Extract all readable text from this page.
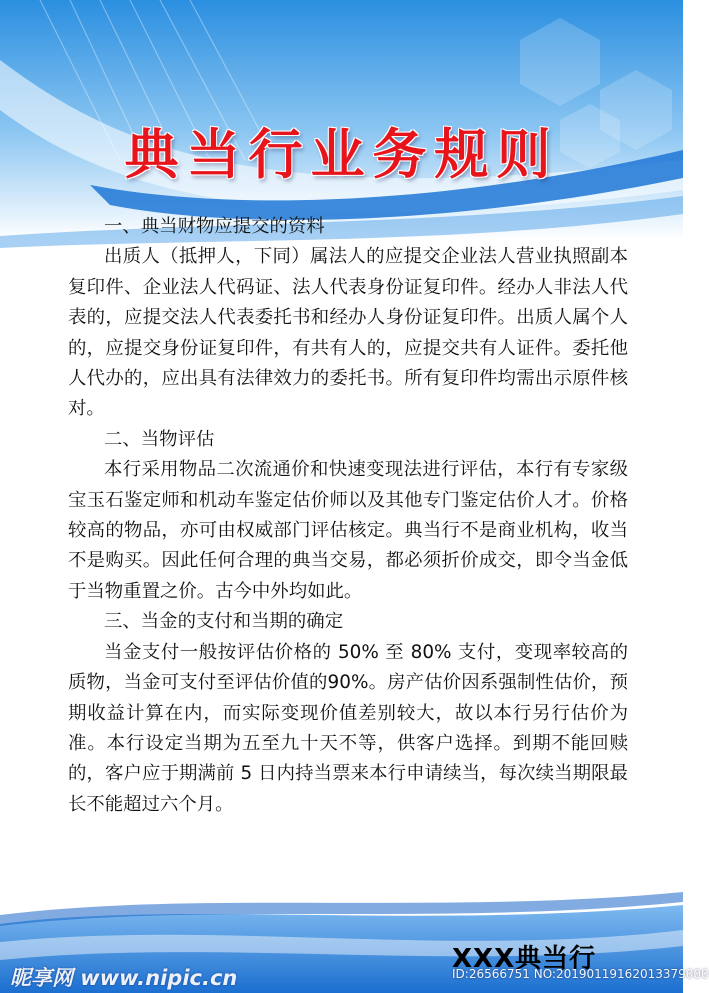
典当行业务规则

一、典当财物应提交的资料

出质人（抵押人，下同）属法人的应提交企业法人营业执照副本复印件、企业法人代码证、法人代表身份证复印件。经办人非法人代表的，应提交法人代表委托书和经办人身份证复印件。出质人属个人的，应提交身份证复印件，有共有人的，应提交共有人证件。委托他人代办的，应出具有法律效力的委托书。所有复印件均需出示原件核对。

二、当物评估

本行采用物品二次流通价和快速变现法进行评估，本行有专家级宝玉石鉴定师和机动车鉴定估价师以及其他专门鉴定估价人才。价格较高的物品，亦可由权威部门评估核定。典当行不是商业机构，收当不是购买。因此任何合理的典当交易，都必须折价成交，即令当金低于当物重置之价。古今中外均如此。

三、当金的支付和当期的确定

当金支付一般按评估价格的 50% 至 80% 支付，变现率较高的质物，当金可支付至评估价值的90%。房产估价因系强制性估价，预期收益计算在内，而实际变现价值差别较大，故以本行另行估价为准。本行设定当期为五至九十天不等，供客户选择。到期不能回赎的，客户应于期满前 5 日内持当票来本行申请续当，每次续当期限最长不能超过六个月。

XXX典当行
昵享网 www.nipic.cn	ID:26566751 NO:20190119162013379000
